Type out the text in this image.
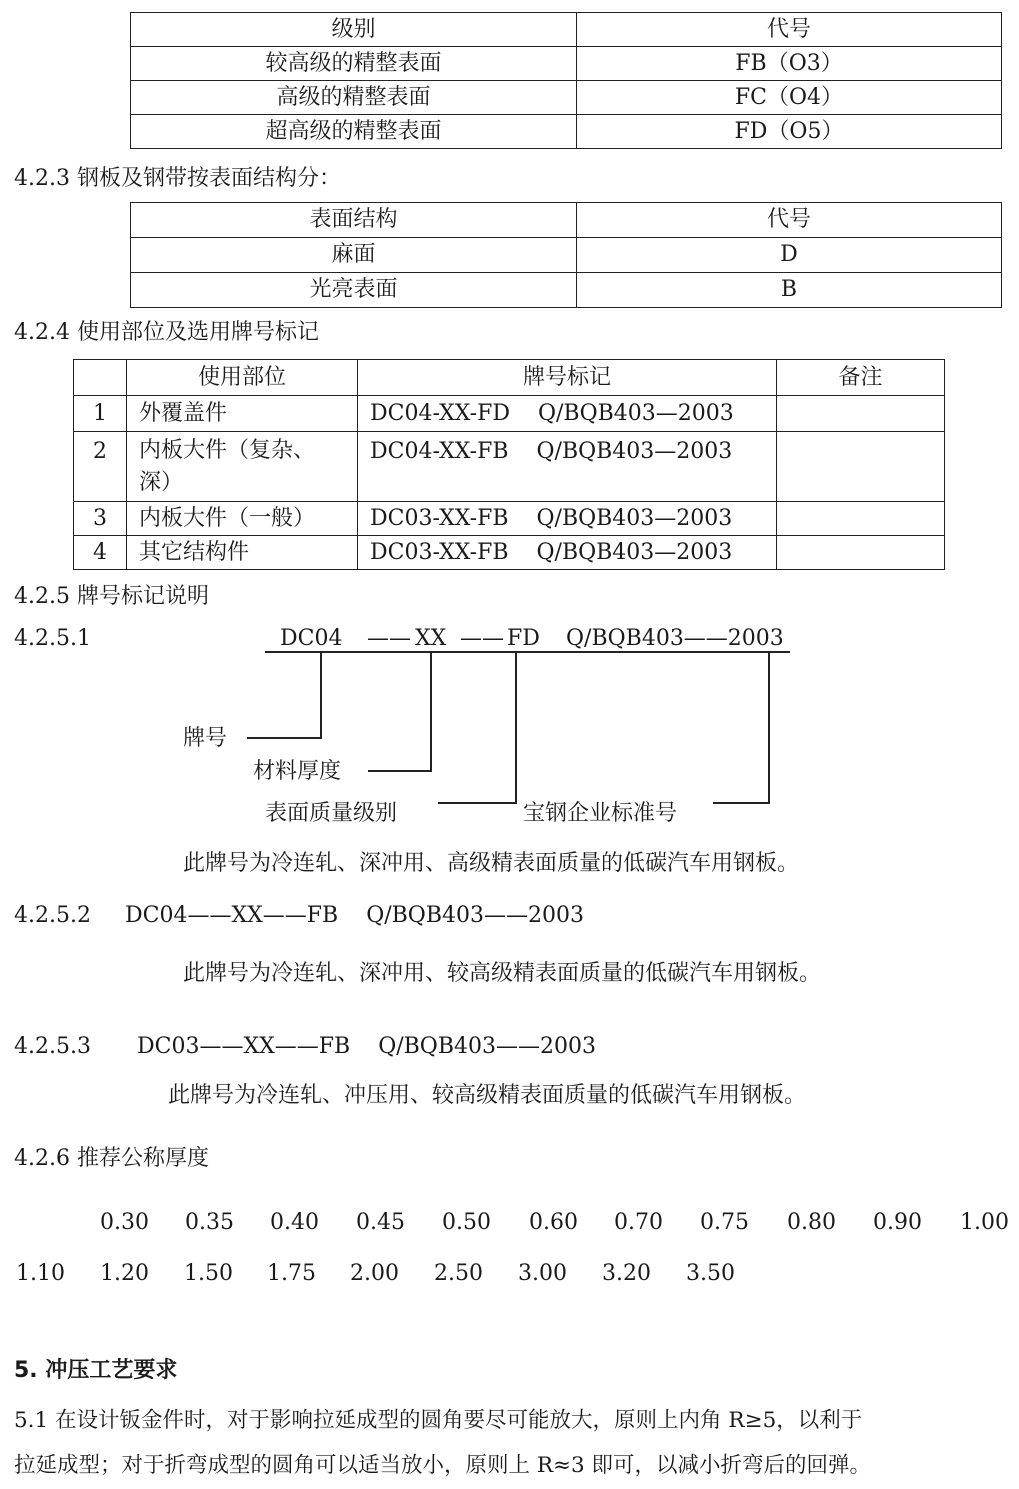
级别	代号
较高级的精整表面	FB（O3）
高级的精整表面	FC（O4）
超高级的精整表面	FD（O5）
4.2.3 钢板及钢带按表面结构分：
表面结构	代号
麻面	D
光亮表面	B
4.2.4 使用部位及选用牌号标记
	使用部位	牌号标记	备注
1	外覆盖件	DC04-XX-FD    Q/BQB403—2003	
2	内板大件（复杂、
深）	DC04-XX-FB    Q/BQB403—2003	
3	内板大件（一般）	DC03-XX-FB    Q/BQB403—2003	
4	其它结构件	DC03-XX-FB    Q/BQB403—2003	
4.2.5 牌号标记说明
4.2.5.1	DC04 —— XX —— FD Q/BQB403——2003
牌号
材料厚度
表面质量级别	宝钢企业标准号
此牌号为冷连轧、深冲用、高级精表面质量的低碳汽车用钢板。
4.2.5.2 DC04——XX——FB    Q/BQB403——2003
此牌号为冷连轧、深冲用、较高级精表面质量的低碳汽车用钢板。
4.2.5.3 DC03——XX——FB    Q/BQB403——2003
此牌号为冷连轧、冲压用、较高级精表面质量的低碳汽车用钢板。
4.2.6 推荐公称厚度
0.30 0.35 0.40 0.45 0.50 0.60 0.70 0.75 0.80 0.90 1.00
1.10 1.20 1.50 1.75 2.00 2.50 3.00 3.20 3.50
5. 冲压工艺要求
5.1 在设计钣金件时，对于影响拉延成型的圆角要尽可能放大，原则上内角 R≥5，以利于
拉延成型；对于折弯成型的圆角可以适当放小，原则上 R≈3 即可，以减小折弯后的回弹。
